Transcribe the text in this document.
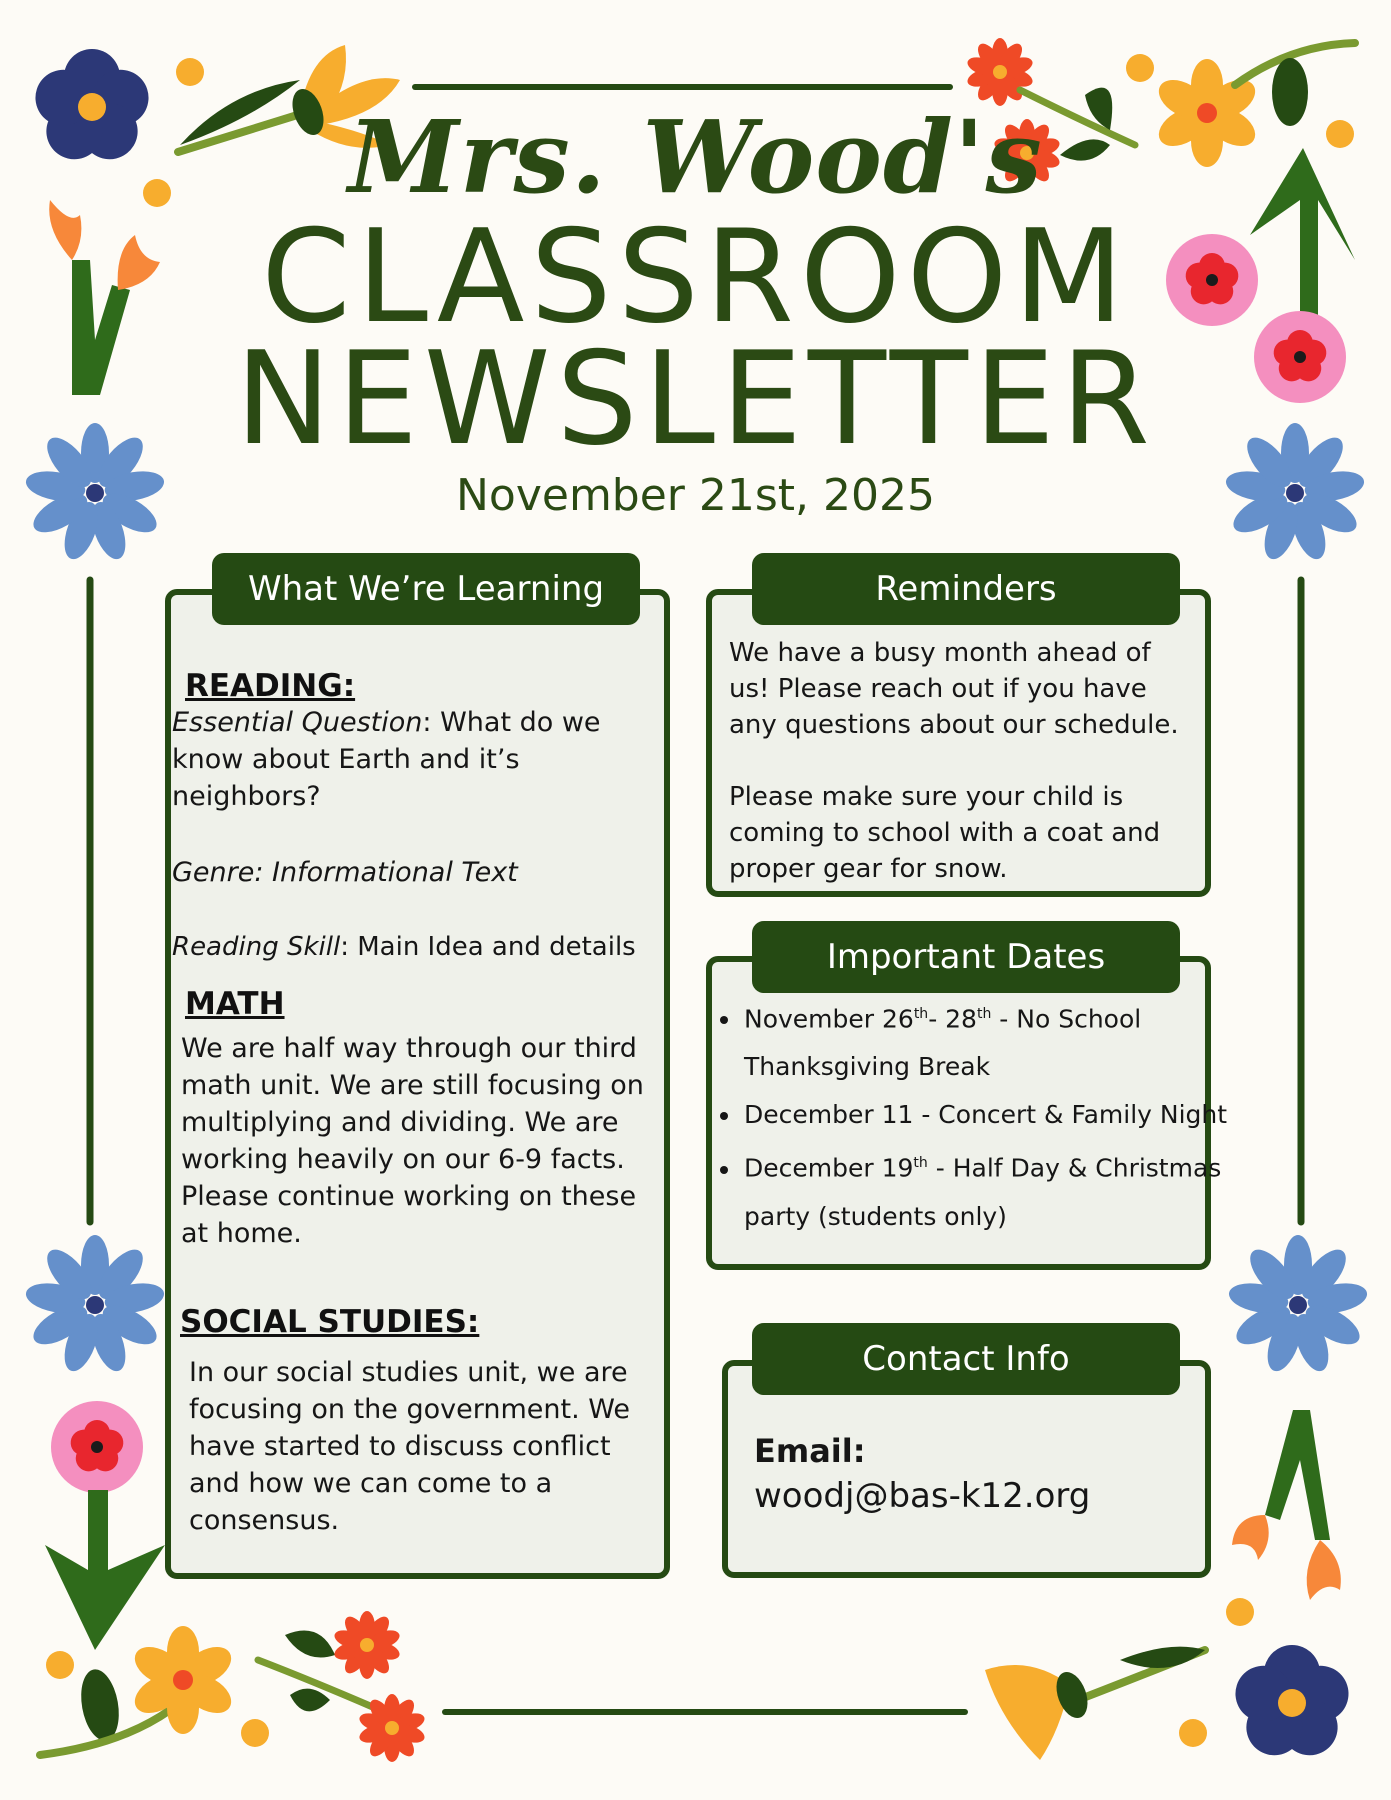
Mrs. Wood's
CLASSROOM
NEWSLETTER
November 21st, 2025
What We’re Learning
READING:
Essential Question: What do we know about Earth and it’s neighbors?
Genre: Informational Text
Reading Skill: Main Idea and details
MATH
We are half way through our third math unit. We are still focusing on multiplying and dividing. We are working heavily on our 6-9 facts. Please continue working on these at home.
SOCIAL STUDIES:
In our social studies unit, we are focusing on the government. We have started to discuss conflict and how we can come to a consensus.
Reminders
We have a busy month ahead of us! Please reach out if you have any questions about our schedule.
Please make sure your child is coming to school with a coat and proper gear for snow.
Important Dates
• November 26th- 28th - No School Thanksgiving Break
• December 11 - Concert & Family Night
• December 19th - Half Day & Christmas party (students only)
Contact Info
Email:
woodj@bas-k12.org
